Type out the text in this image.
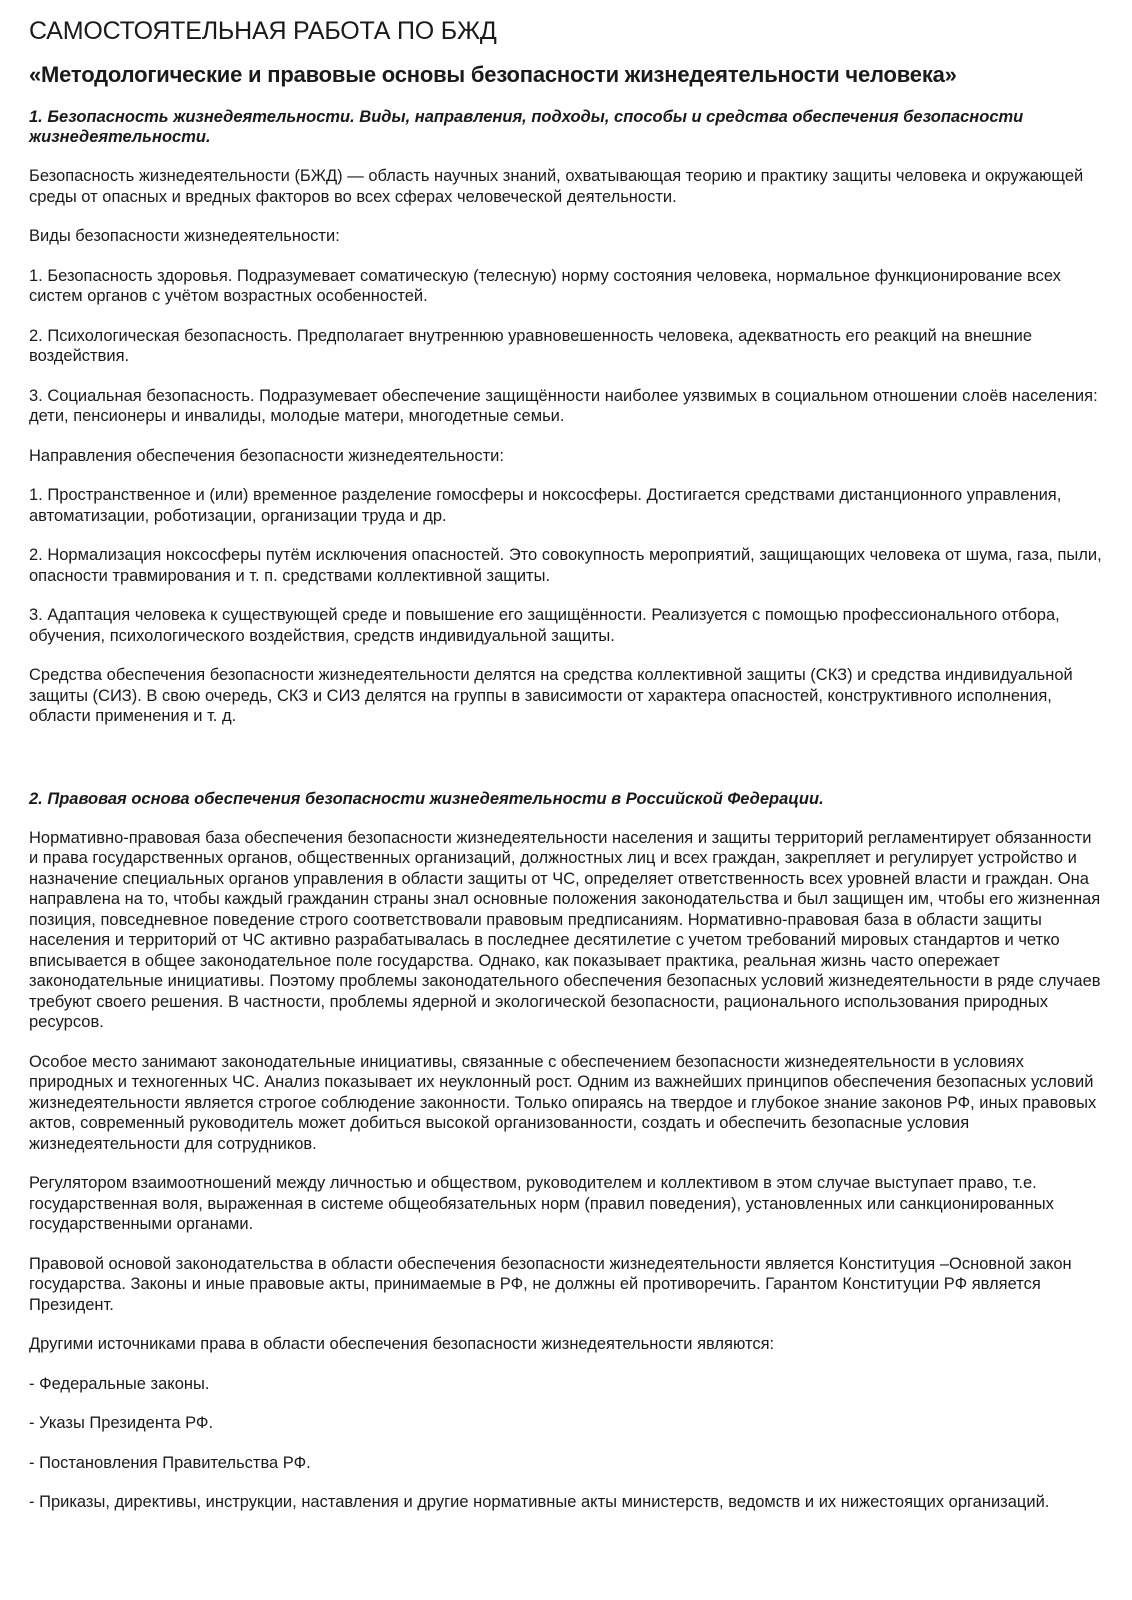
САМОСТОЯТЕЛЬНАЯ РАБОТА ПО БЖД
«Методологические и правовые основы безопасности жизнедеятельности человека»
1. Безопасность жизнедеятельности. Виды, направления, подходы, способы и средства обеспечения безопасности жизнедеятельности.

Безопасность жизнедеятельности (БЖД) — область научных знаний, охватывающая теорию и практику защиты человека и окружающей среды от опасных и вредных факторов во всех сферах человеческой деятельности.

Виды безопасности жизнедеятельности:

1. Безопасность здоровья. Подразумевает соматическую (телесную) норму состояния человека, нормальное функционирование всех систем органов с учётом возрастных особенностей.

2. Психологическая безопасность. Предполагает внутреннюю уравновешенность человека, адекватность его реакций на внешние воздействия.

3. Социальная безопасность. Подразумевает обеспечение защищённости наиболее уязвимых в социальном отношении слоёв населения: дети, пенсионеры и инвалиды, молодые матери, многодетные семьи.

Направления обеспечения безопасности жизнедеятельности:

1. Пространственное и (или) временное разделение гомосферы и ноксосферы. Достигается средствами дистанционного управления, автоматизации, роботизации, организации труда и др.

2. Нормализация ноксосферы путём исключения опасностей. Это совокупность мероприятий, защищающих человека от шума, газа, пыли, опасности травмирования и т. п. средствами коллективной защиты.

3. Адаптация человека к существующей среде и повышение его защищённости. Реализуется с помощью профессионального отбора, обучения, психологического воздействия, средств индивидуальной защиты.

Средства обеспечения безопасности жизнедеятельности делятся на средства коллективной защиты (СКЗ) и средства индивидуальной защиты (СИЗ). В свою очередь, СКЗ и СИЗ делятся на группы в зависимости от характера опасностей, конструктивного исполнения, области применения и т. д.

2. Правовая основа обеспечения безопасности жизнедеятельности в Российской Федерации.

Нормативно-правовая база обеспечения безопасности жизнедеятельности населения и защиты территорий регламентирует обязанности и права государственных органов, общественных организаций, должностных лиц и всех граждан, закрепляет и регулирует устройство и назначение специальных органов управления в области защиты от ЧС, определяет ответственность всех уровней власти и граждан. Она направлена на то, чтобы каждый гражданин страны знал основные положения законодательства и был защищен им, чтобы его жизненная позиция, повседневное поведение строго соответствовали правовым предписаниям. Нормативно-правовая база в области защиты населения и территорий от ЧС активно разрабатывалась в последнее десятилетие с учетом требований мировых стандартов и четко вписывается в общее законодательное поле государства. Однако, как показывает практика, реальная жизнь часто опережает законодательные инициативы. Поэтому проблемы законодательного обеспечения безопасных условий жизнедеятельности в ряде случаев требуют своего решения. В частности, проблемы ядерной и экологической безопасности, рационального использования природных ресурсов.

Особое место занимают законодательные инициативы, связанные с обеспечением безопасности жизнедеятельности в условиях природных и техногенных ЧС. Анализ показывает их неуклонный рост. Одним из важнейших принципов обеспечения безопасных условий жизнедеятельности является строгое соблюдение законности. Только опираясь на твердое и глубокое знание законов РФ, иных правовых актов, современный руководитель может добиться высокой организованности, создать и обеспечить безопасные условия жизнедеятельности для сотрудников.

Регулятором взаимоотношений между личностью и обществом, руководителем и коллективом в этом случае выступает право, т.е. государственная воля, выраженная в системе общеобязательных норм (правил поведения), установленных или санкционированных государственными органами.

Правовой основой законодательства в области обеспечения безопасности жизнедеятельности является Конституция –Основной закон государства. Законы и иные правовые акты, принимаемые в РФ, не должны ей противоречить. Гарантом Конституции РФ является Президент.

Другими источниками права в области обеспечения безопасности жизнедеятельности являются:

- Федеральные законы.

- Указы Президента РФ.

- Постановления Правительства РФ.

- Приказы, директивы, инструкции, наставления и другие нормативные акты министерств, ведомств и их нижестоящих организаций.
